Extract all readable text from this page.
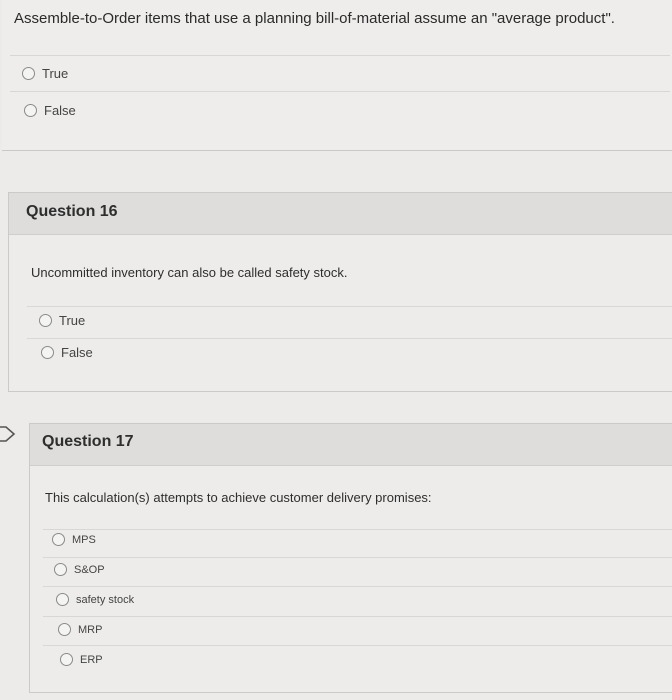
Assemble-to-Order items that use a planning bill-of-material assume an "average product".
True
False
Question 16
Uncommitted inventory can also be called safety stock.
True
False
Question 17
This calculation(s) attempts to achieve customer delivery promises:
MPS
S&OP
safety stock
MRP
ERP
